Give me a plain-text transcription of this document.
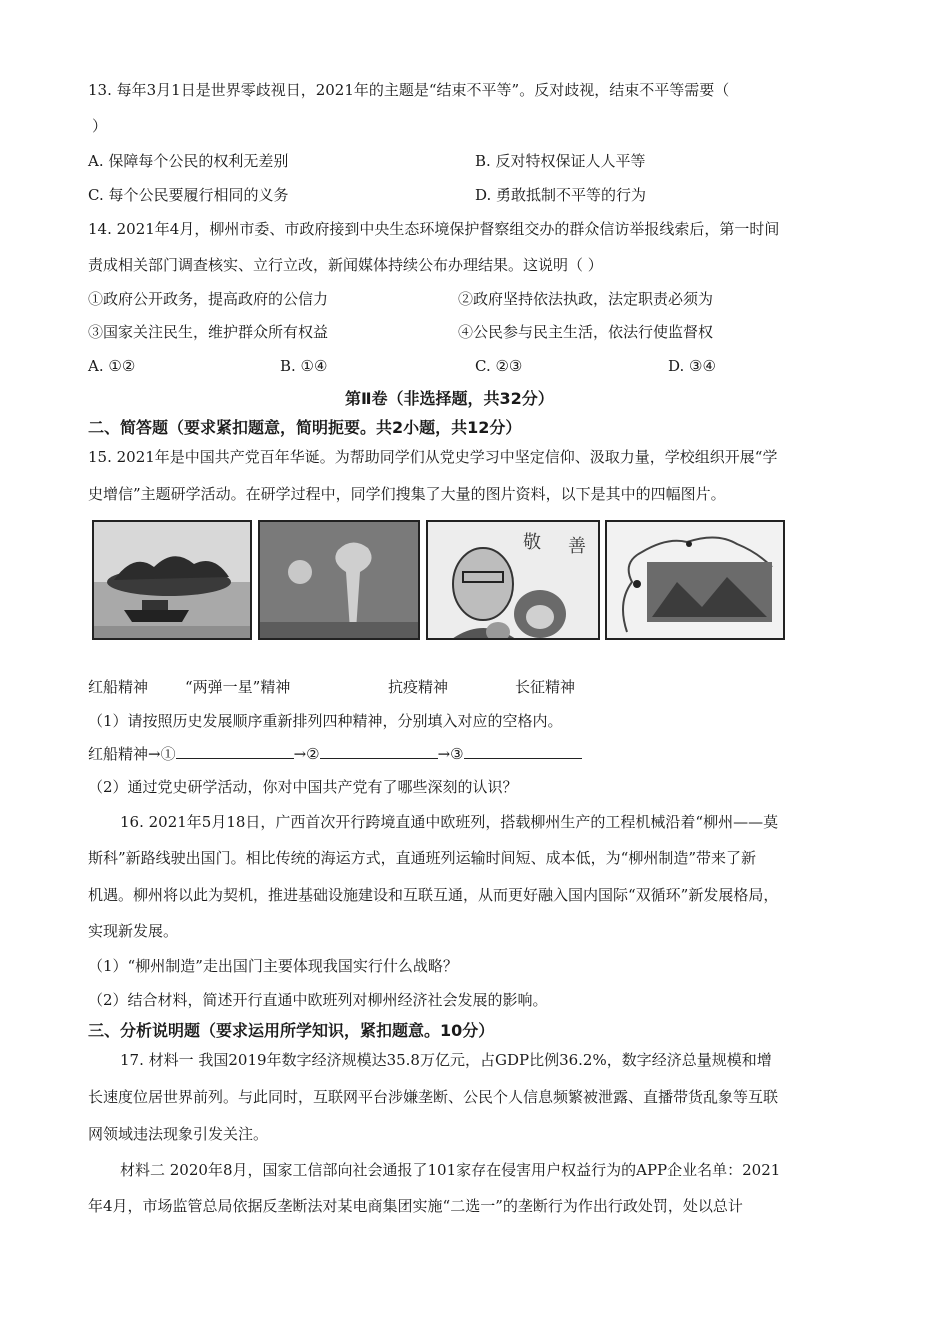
13. 每年3月1日是世界零歧视日，2021年的主题是“结束不平等”。反对歧视，结束不平等需要（
）
A. 保障每个公民的权利无差别	B. 反对特权保证人人平等
C. 每个公民要履行相同的义务	D. 勇敢抵制不平等的行为
14. 2021年4月，柳州市委、市政府接到中央生态环境保护督察组交办的群众信访举报线索后，第一时间
责成相关部门调查核实、立行立改，新闻媒体持续公布办理结果。这说明（ ）
①政府公开政务，提高政府的公信力	②政府坚持依法执政，法定职责必须为
③国家关注民生，维护群众所有权益	④公民参与民主生活，依法行使监督权
A. ①②	B. ①④	C. ②③	D. ③④
第Ⅱ卷（非选择题，共32分）
二、简答题（要求紧扣题意，简明扼要。共2小题，共12分）
15. 2021年是中国共产党百年华诞。为帮助同学们从党史学习中坚定信仰、汲取力量，学校组织开展“学
史增信”主题研学活动。在研学过程中，同学们搜集了大量的图片资料，以下是其中的四幅图片。
敬 善
红船精神 “两弹一星”精神	抗疫精神	长征精神
（1）请按照历史发展顺序重新排列四种精神，分别填入对应的空格内。
红船精神→①	→②	→③
（2）通过党史研学活动，你对中国共产党有了哪些深刻的认识？
16. 2021年5月18日，广西首次开行跨境直通中欧班列，搭载柳州生产的工程机械沿着“柳州——莫
斯科”新路线驶出国门。相比传统的海运方式，直通班列运输时间短、成本低，为“柳州制造”带来了新
机遇。柳州将以此为契机，推进基础设施建设和互联互通，从而更好融入国内国际“双循环”新发展格局，
实现新发展。
（1）“柳州制造”走出国门主要体现我国实行什么战略？
（2）结合材料，简述开行直通中欧班列对柳州经济社会发展的影响。
三、分析说明题（要求运用所学知识，紧扣题意。10分）
17. 材料一 我国2019年数字经济规模达35.8万亿元，占GDP比例36.2%，数字经济总量规模和增
长速度位居世界前列。与此同时，互联网平台涉嫌垄断、公民个人信息频繁被泄露、直播带货乱象等互联
网领域违法现象引发关注。
材料二 2020年8月，国家工信部向社会通报了101家存在侵害用户权益行为的APP企业名单：2021
年4月，市场监管总局依据反垄断法对某电商集团实施“二选一”的垄断行为作出行政处罚，处以总计
